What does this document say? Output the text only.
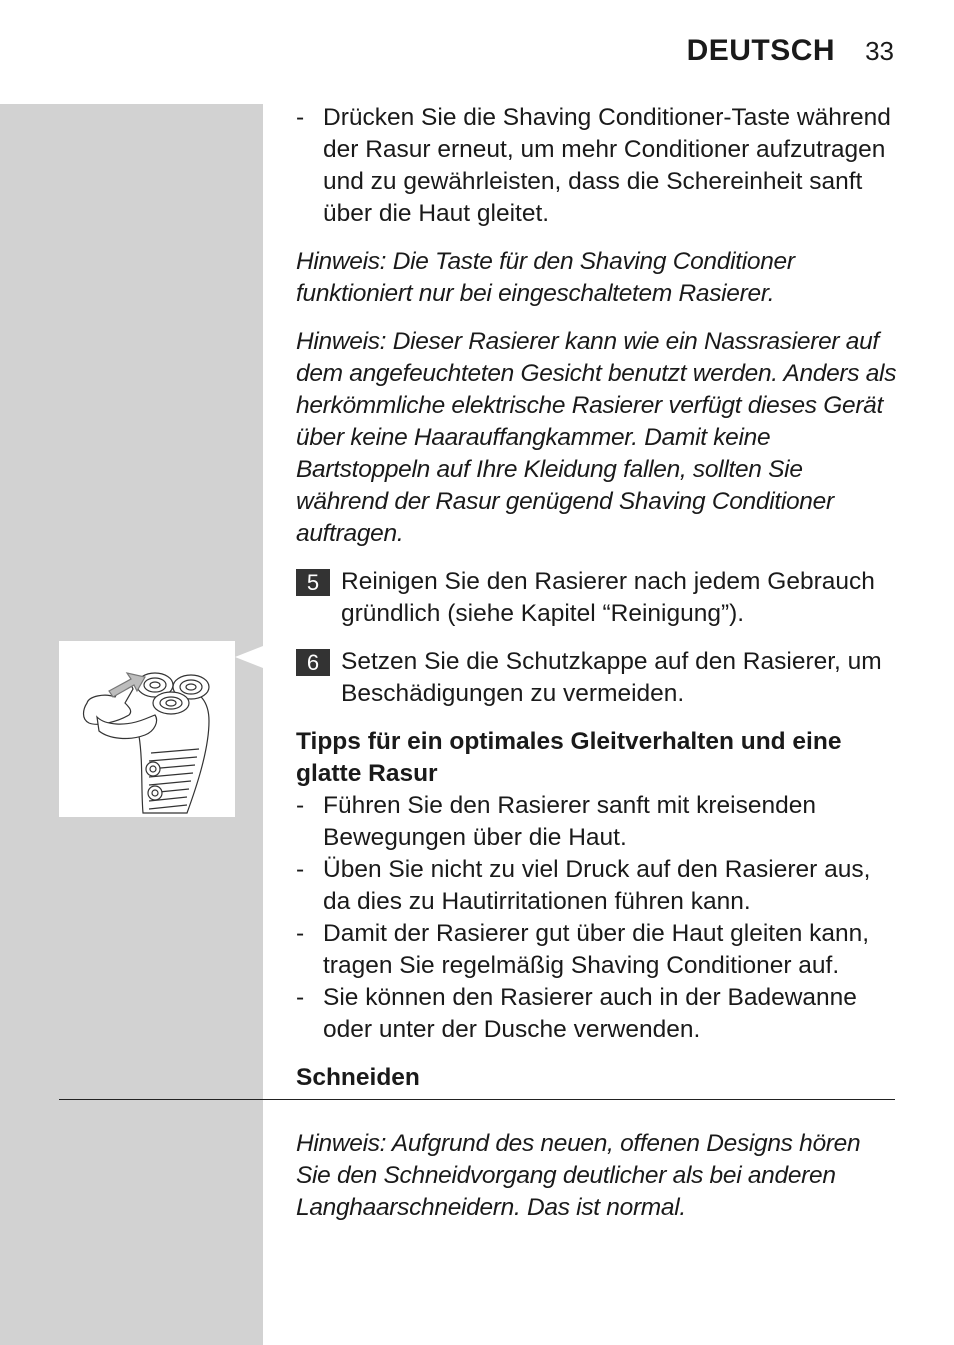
DEUTSCH 33
- Drücken Sie die Shaving Conditioner-Taste während der Rasur erneut, um mehr Conditioner aufzutragen und zu gewährleisten, dass die Schereinheit sanft über die Haut gleitet.
Hinweis: Die Taste für den Shaving Conditioner funktioniert nur bei eingeschaltetem Rasierer.
Hinweis: Dieser Rasierer kann wie ein Nassrasierer auf dem angefeuchteten Gesicht benutzt werden. Anders als herkömmliche elektrische Rasierer verfügt dieses Gerät über keine Haarauffangkammer. Damit keine Bartstoppeln auf Ihre Kleidung fallen, sollten Sie während der Rasur genügend Shaving Conditioner auftragen.
5 Reinigen Sie den Rasierer nach jedem Gebrauch gründlich (siehe Kapitel “Reinigung”).
6 Setzen Sie die Schutzkappe auf den Rasierer, um Beschädigungen zu vermeiden.
Tipps für ein optimales Gleitverhalten und eine glatte Rasur
- Führen Sie den Rasierer sanft mit kreisenden Bewegungen über die Haut.
- Üben Sie nicht zu viel Druck auf den Rasierer aus, da dies zu Hautirritationen führen kann.
- Damit der Rasierer gut über die Haut gleiten kann, tragen Sie regelmäßig Shaving Conditioner auf.
- Sie können den Rasierer auch in der Badewanne oder unter der Dusche verwenden.
Schneiden
Hinweis: Aufgrund des neuen, offenen Designs hören Sie den Schneidvorgang deutlicher als bei anderen Langhaarschneidern. Das ist normal.
